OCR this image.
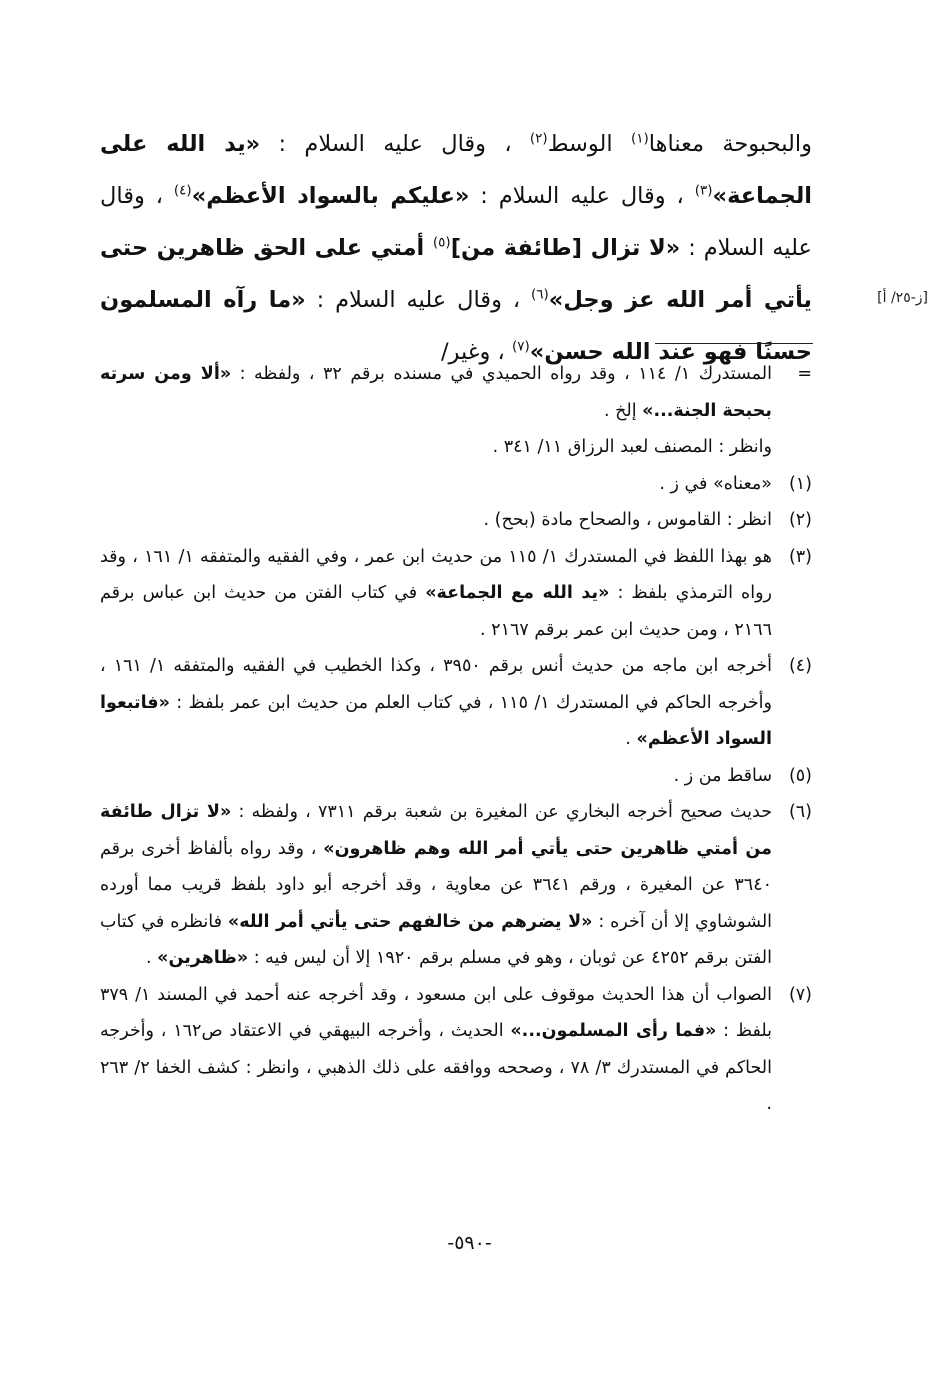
والبحبوحة معناها$^{(١)}$ الوسط$^{(٢)}$ ، وقال عليه السلام : «يد الله على الجماعة»$^{(٣)}$ ، وقال عليه السلام : «عليكم بالسواد الأعظم»$^{(٤)}$ ، وقال عليه السلام : «لا تزال [طائفة من]$^{(٥)}$ أمتي على الحق ظاهرين حتى يأتي أمر الله عز وجل»$^{(٦)}$ ، وقال عليه السلام : «ما رآه المسلمون حسنًا فهو عند الله حسن»$^{(٧)}$ ، وغير/

[ز-٢٥/ أ]
=
المستدرك ١/ ١١٤ ، وقد رواه الحميدي في مسنده برقم ٣٢ ، ولفظه : «ألا ومن سرته بحبحة الجنة...» إلخ .
وانظر : المصنف لعبد الرزاق ١١/ ٣٤١ .
(١)
«معناه» في ز .
(٢)
انظر : القاموس ، والصحاح مادة (بحح) .
(٣)
هو بهذا اللفظ في المستدرك ١/ ١١٥ من حديث ابن عمر ، وفي الفقيه والمتفقه ١/ ١٦١ ، وقد رواه الترمذي بلفظ : «يد الله مع الجماعة» في كتاب الفتن من حديث ابن عباس برقم ٢١٦٦ ، ومن حديث ابن عمر برقم ٢١٦٧ .
(٤)
أخرجه ابن ماجه من حديث أنس برقم ٣٩٥٠ ، وكذا الخطيب في الفقيه والمتفقه ١/ ١٦١ ، وأخرجه الحاكم في المستدرك ١/ ١١٥ ، في كتاب العلم من حديث ابن عمر بلفظ : «فاتبعوا السواد الأعظم» .
(٥)
ساقط من ز .
(٦)
حديث صحيح أخرجه البخاري عن المغيرة بن شعبة برقم ٧٣١١ ، ولفظه : «لا تزال طائفة من أمتي ظاهرين حتى يأتي أمر الله وهم ظاهرون» ، وقد رواه بألفاظ أخرى برقم ٣٦٤٠ عن المغيرة ، ورقم ٣٦٤١ عن معاوية ، وقد أخرجه أبو داود بلفظ قريب مما أورده الشوشاوي إلا أن آخره : «لا يضرهم من خالفهم حتى يأتي أمر الله» فانظره في كتاب الفتن برقم ٤٢٥٢ عن ثوبان ، وهو في مسلم برقم ١٩٢٠ إلا أن ليس فيه : «ظاهرين» .
(٧)
الصواب أن هذا الحديث موقوف على ابن مسعود ، وقد أخرجه عنه أحمد في المسند ١/ ٣٧٩ بلفظ : «فما رأى المسلمون...» الحديث ، وأخرجه البيهقي في الاعتقاد ص١٦٢ ، وأخرجه الحاكم في المستدرك ٣/ ٧٨ ، وصححه ووافقه على ذلك الذهبي ، وانظر : كشف الخفا ٢/ ٢٦٣ .
-٥٩٠-
